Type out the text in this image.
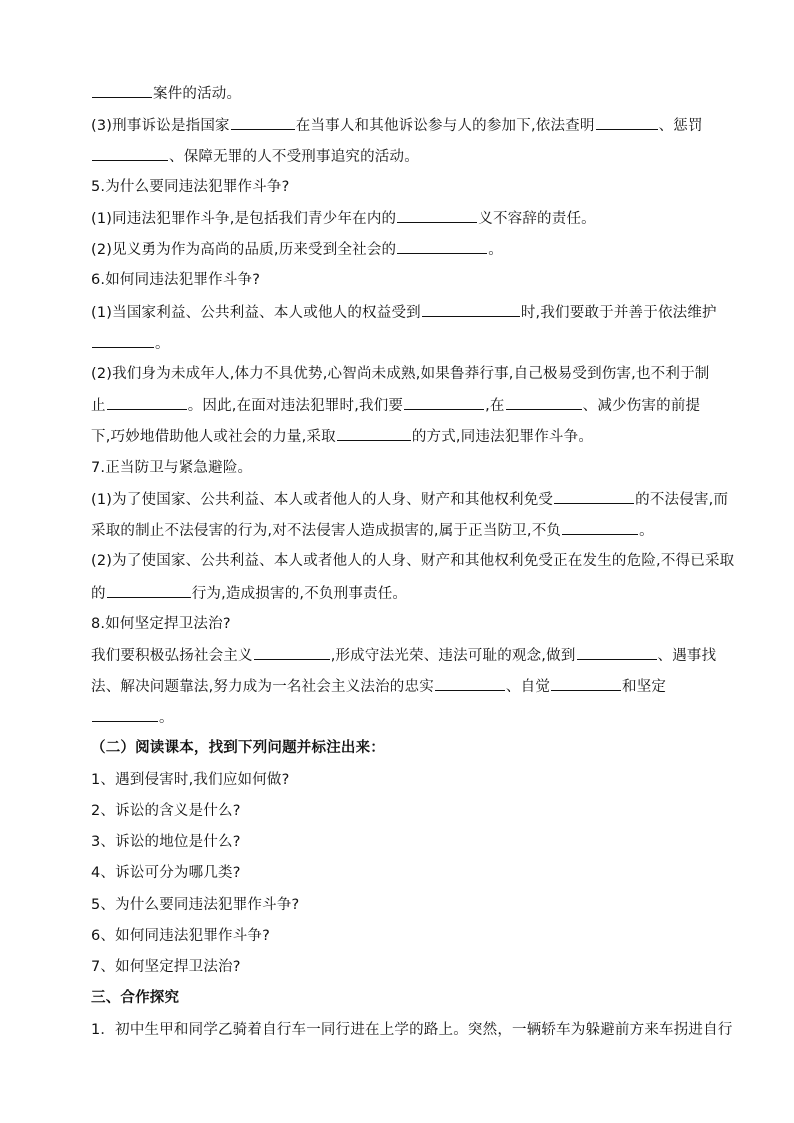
案件的活动。
(3)刑事诉讼是指国家	在当事人和其他诉讼参与人的参加下,依法查明	、惩罚
、保障无罪的人不受刑事追究的活动。
5.为什么要同违法犯罪作斗争?
(1)同违法犯罪作斗争,是包括我们青少年在内的	义不容辞的责任。
(2)见义勇为作为高尚的品质,历来受到全社会的	。
6.如何同违法犯罪作斗争?
(1)当国家利益、公共利益、本人或他人的权益受到	时,我们要敢于并善于依法维护
。
(2)我们身为未成年人,体力不具优势,心智尚未成熟,如果鲁莽行事,自己极易受到伤害,也不利于制
止	。因此,在面对违法犯罪时,我们要	,在	、减少伤害的前提
下,巧妙地借助他人或社会的力量,采取	的方式,同违法犯罪作斗争。
7.正当防卫与紧急避险。
(1)为了使国家、公共利益、本人或者他人的人身、财产和其他权利免受	的不法侵害,而
采取的制止不法侵害的行为,对不法侵害人造成损害的,属于正当防卫,不负	。
(2)为了使国家、公共利益、本人或者他人的人身、财产和其他权利免受正在发生的危险,不得已采取
的	行为,造成损害的,不负刑事责任。
8.如何坚定捍卫法治?
我们要积极弘扬社会主义	,形成守法光荣、违法可耻的观念,做到	、遇事找
法、解决问题靠法,努力成为一名社会主义法治的忠实	、自觉	和坚定
。
（二）阅读课本，找到下列问题并标注出来：
1、遇到侵害时,我们应如何做?
2、诉讼的含义是什么?
3、诉讼的地位是什么?
4、诉讼可分为哪几类?
5、为什么要同违法犯罪作斗争?
6、如何同违法犯罪作斗争?
7、如何坚定捍卫法治?
三、合作探究
1．初中生甲和同学乙骑着自行车一同行进在上学的路上。突然，一辆轿车为躲避前方来车拐进自行
